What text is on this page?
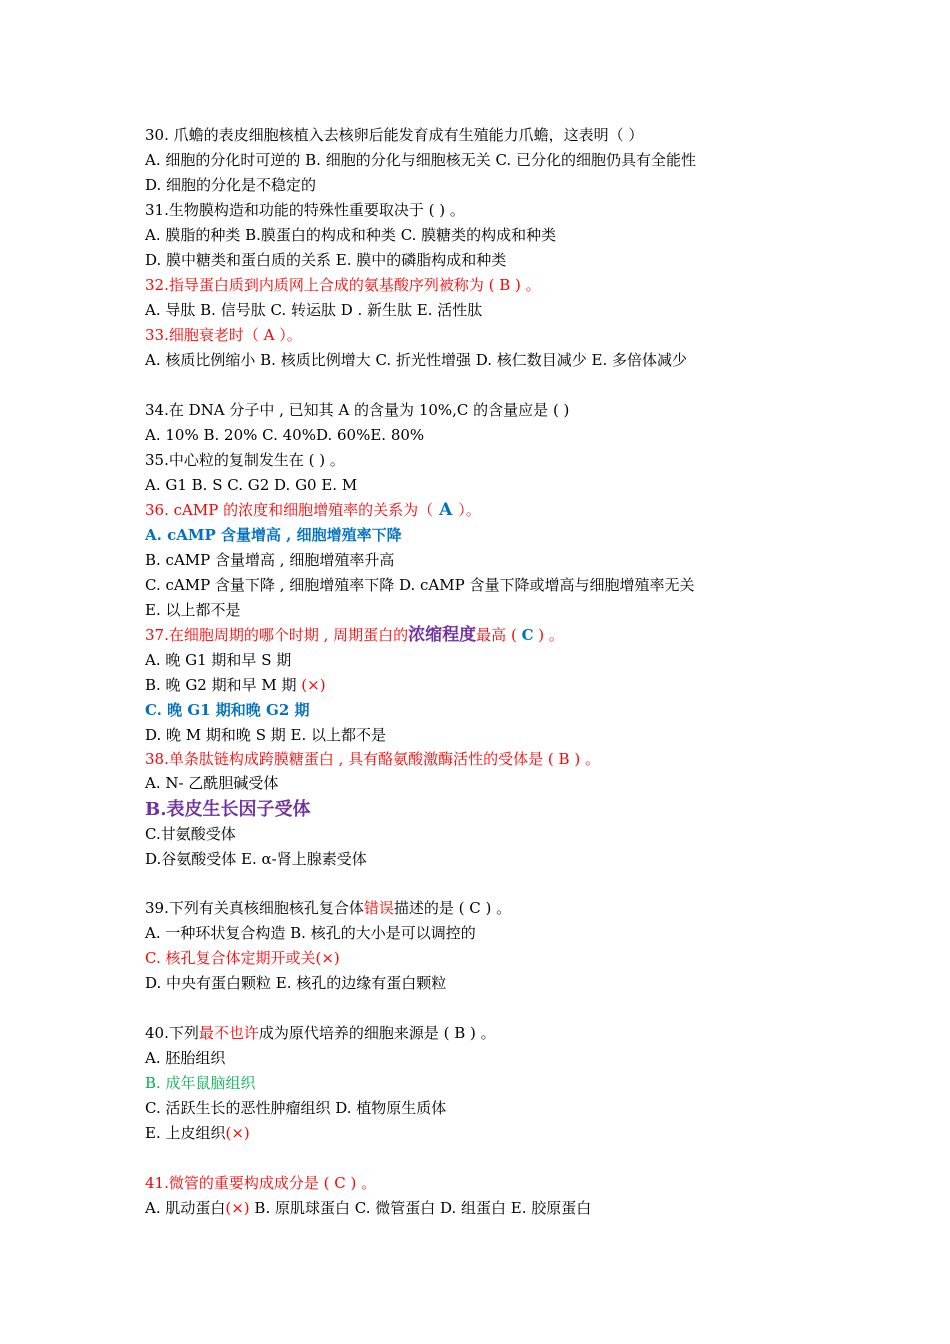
30. 爪蟾的表皮细胞核植入去核卵后能发育成有生殖能力爪蟾，这表明（ ）
A. 细胞的分化时可逆的 B. 细胞的分化与细胞核无关 C. 已分化的细胞仍具有全能性
D. 细胞的分化是不稳定的
31.生物膜构造和功能的特殊性重要取决于 ( ) 。
A. 膜脂的种类 B.膜蛋白的构成和种类 C. 膜糖类的构成和种类
D. 膜中糖类和蛋白质的关系 E. 膜中的磷脂构成和种类
32.指导蛋白质到内质网上合成的氨基酸序列被称为 ( B ) 。
A. 导肽 B. 信号肽 C. 转运肽 D . 新生肽 E. 活性肽
33.细胞衰老时（ A ）。
A. 核质比例缩小 B. 核质比例增大 C. 折光性增强 D. 核仁数目减少 E. 多倍体减少
34.在 DNA 分子中 , 已知其 A 的含量为 10%,C 的含量应是 ( )
A. 10% B. 20% C. 40%D. 60%E. 80%
35.中心粒的复制发生在 ( ) 。
A. G1 B. S C. G2 D. G0 E. M
36. cAMP 的浓度和细胞增殖率的关系为（ A ）。
A. cAMP 含量增高 , 细胞增殖率下降
B. cAMP 含量增高 , 细胞增殖率升高
C. cAMP 含量下降 , 细胞增殖率下降 D. cAMP 含量下降或增高与细胞增殖率无关
E. 以上都不是
37.在细胞周期的哪个时期 , 周期蛋白的浓缩程度最高 ( C ) 。
A. 晚 G1 期和早 S 期
B. 晚 G2 期和早 M 期 (×)
C. 晚 G1 期和晚 G2 期
D. 晚 M 期和晚 S 期 E. 以上都不是
38.单条肽链构成跨膜糖蛋白 , 具有酪氨酸激酶活性的受体是 ( B ) 。
A. N- 乙酰胆碱受体
B.表皮生长因子受体
C.甘氨酸受体
D.谷氨酸受体 E. α-肾上腺素受体
39.下列有关真核细胞核孔复合体错误描述的是 ( C ) 。
A. 一种环状复合构造 B. 核孔的大小是可以调控的
C. 核孔复合体定期开或关(×)
D. 中央有蛋白颗粒 E. 核孔的边缘有蛋白颗粒
40.下列最不也许成为原代培养的细胞来源是 ( B ) 。
A. 胚胎组织
B. 成年鼠脑组织
C. 活跃生长的恶性肿瘤组织 D. 植物原生质体
E. 上皮组织(×)
41.微管的重要构成成分是 ( C ) 。
A. 肌动蛋白(×) B. 原肌球蛋白 C. 微管蛋白 D. 组蛋白 E. 胶原蛋白
